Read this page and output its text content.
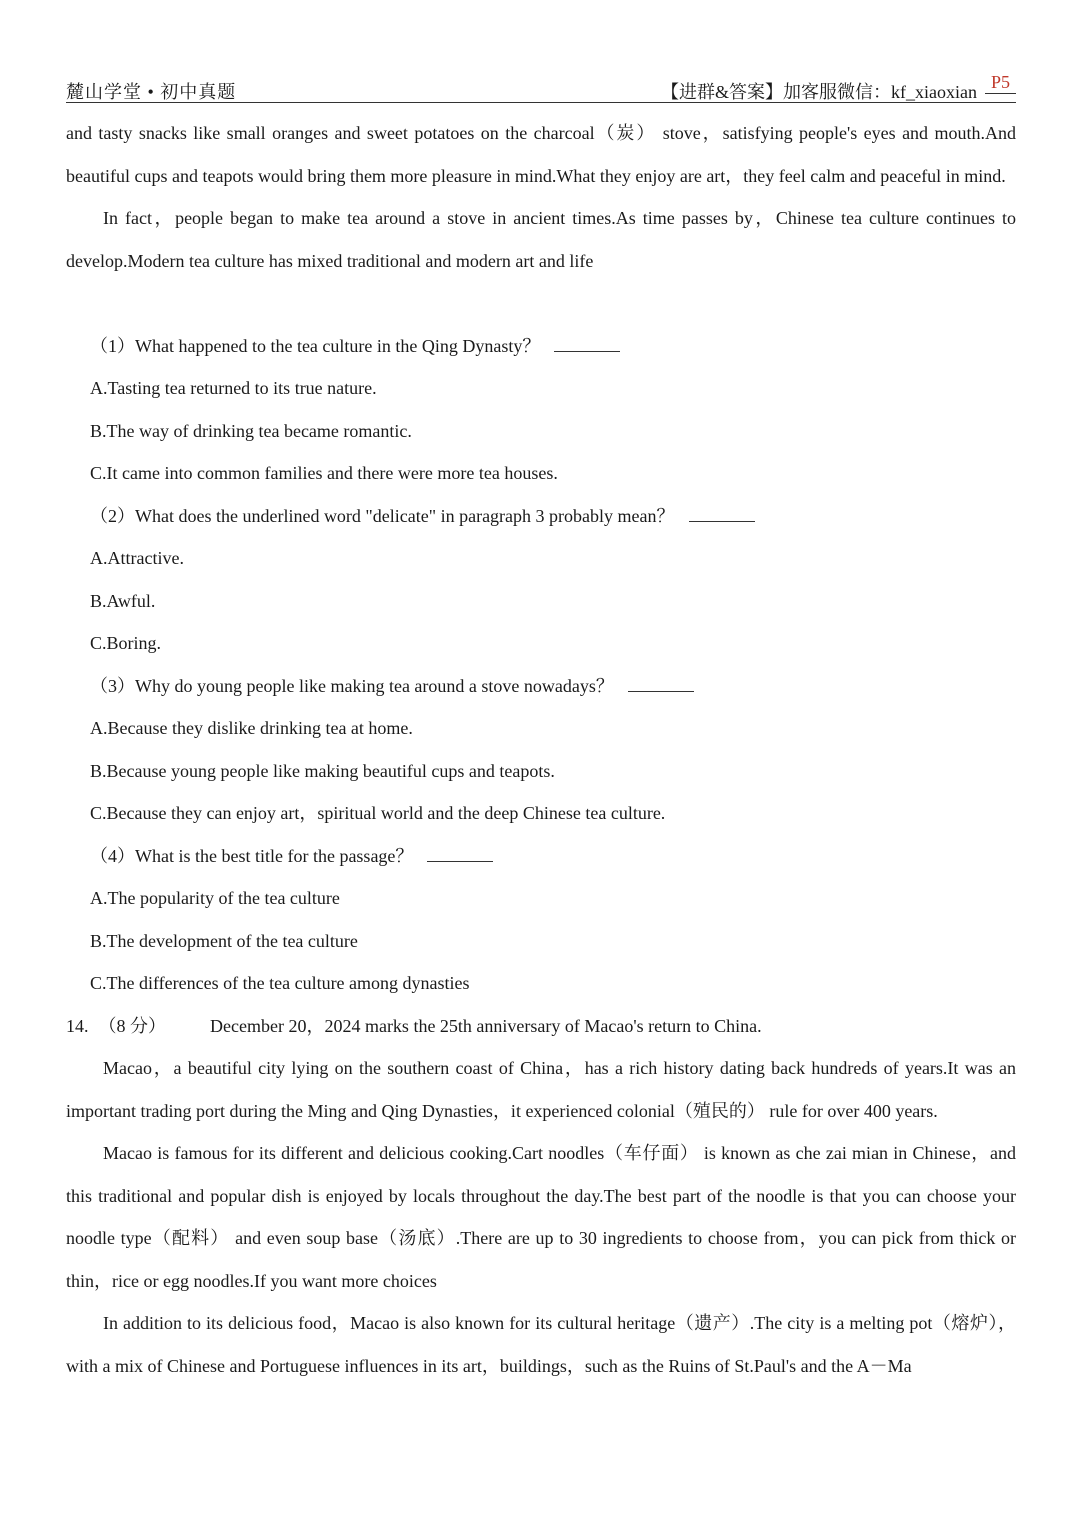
麓山学堂 • 初中真题	【进群&答案】加客服微信：kf_xiaoxian P5

and tasty snacks like small oranges and sweet potatoes on the charcoal（炭） stove，satisfying people's eyes and mouth.And beautiful cups and teapots would bring them more pleasure in mind.What they enjoy are art，they feel calm and peaceful in mind.

In fact，people began to make tea around a stove in ancient times.As time passes by，Chinese tea culture continues to develop.Modern tea culture has mixed traditional and modern art and life

（1）What happened to the tea culture in the Qing Dynasty？

A.Tasting tea returned to its true nature.

B.The way of drinking tea became romantic.

C.It came into common families and there were more tea houses.

（2）What does the underlined word "delicate" in paragraph 3 probably mean？

A.Attractive.

B.Awful.

C.Boring.

（3）Why do young people like making tea around a stove nowadays？

A.Because they dislike drinking tea at home.

B.Because young people like making beautiful cups and teapots.

C.Because they can enjoy art，spiritual world and the deep Chinese tea culture.

（4）What is the best title for the passage？

A.The popularity of the tea culture

B.The development of the tea culture

C.The differences of the tea culture among dynasties

14. （8 分） December 20，2024 marks the 25th anniversary of Macao's return to China.

Macao，a beautiful city lying on the southern coast of China，has a rich history dating back hundreds of years.It was an important trading port during the Ming and Qing Dynasties，it experienced colonial（殖民的） rule for over 400 years.

Macao is famous for its different and delicious cooking.Cart noodles（车仔面） is known as che zai mian in Chinese，and this traditional and popular dish is enjoyed by locals throughout the day.The best part of the noodle is that you can choose your noodle type（配料） and even soup base（汤底）.There are up to 30 ingredients to choose from，you can pick from thick or thin，rice or egg noodles.If you want more choices

In addition to its delicious food，Macao is also known for its cultural heritage（遗产）.The city is a melting pot（熔炉），with a mix of Chinese and Portuguese influences in its art，buildings，such as the Ruins of St.Paul's and the A－Ma
